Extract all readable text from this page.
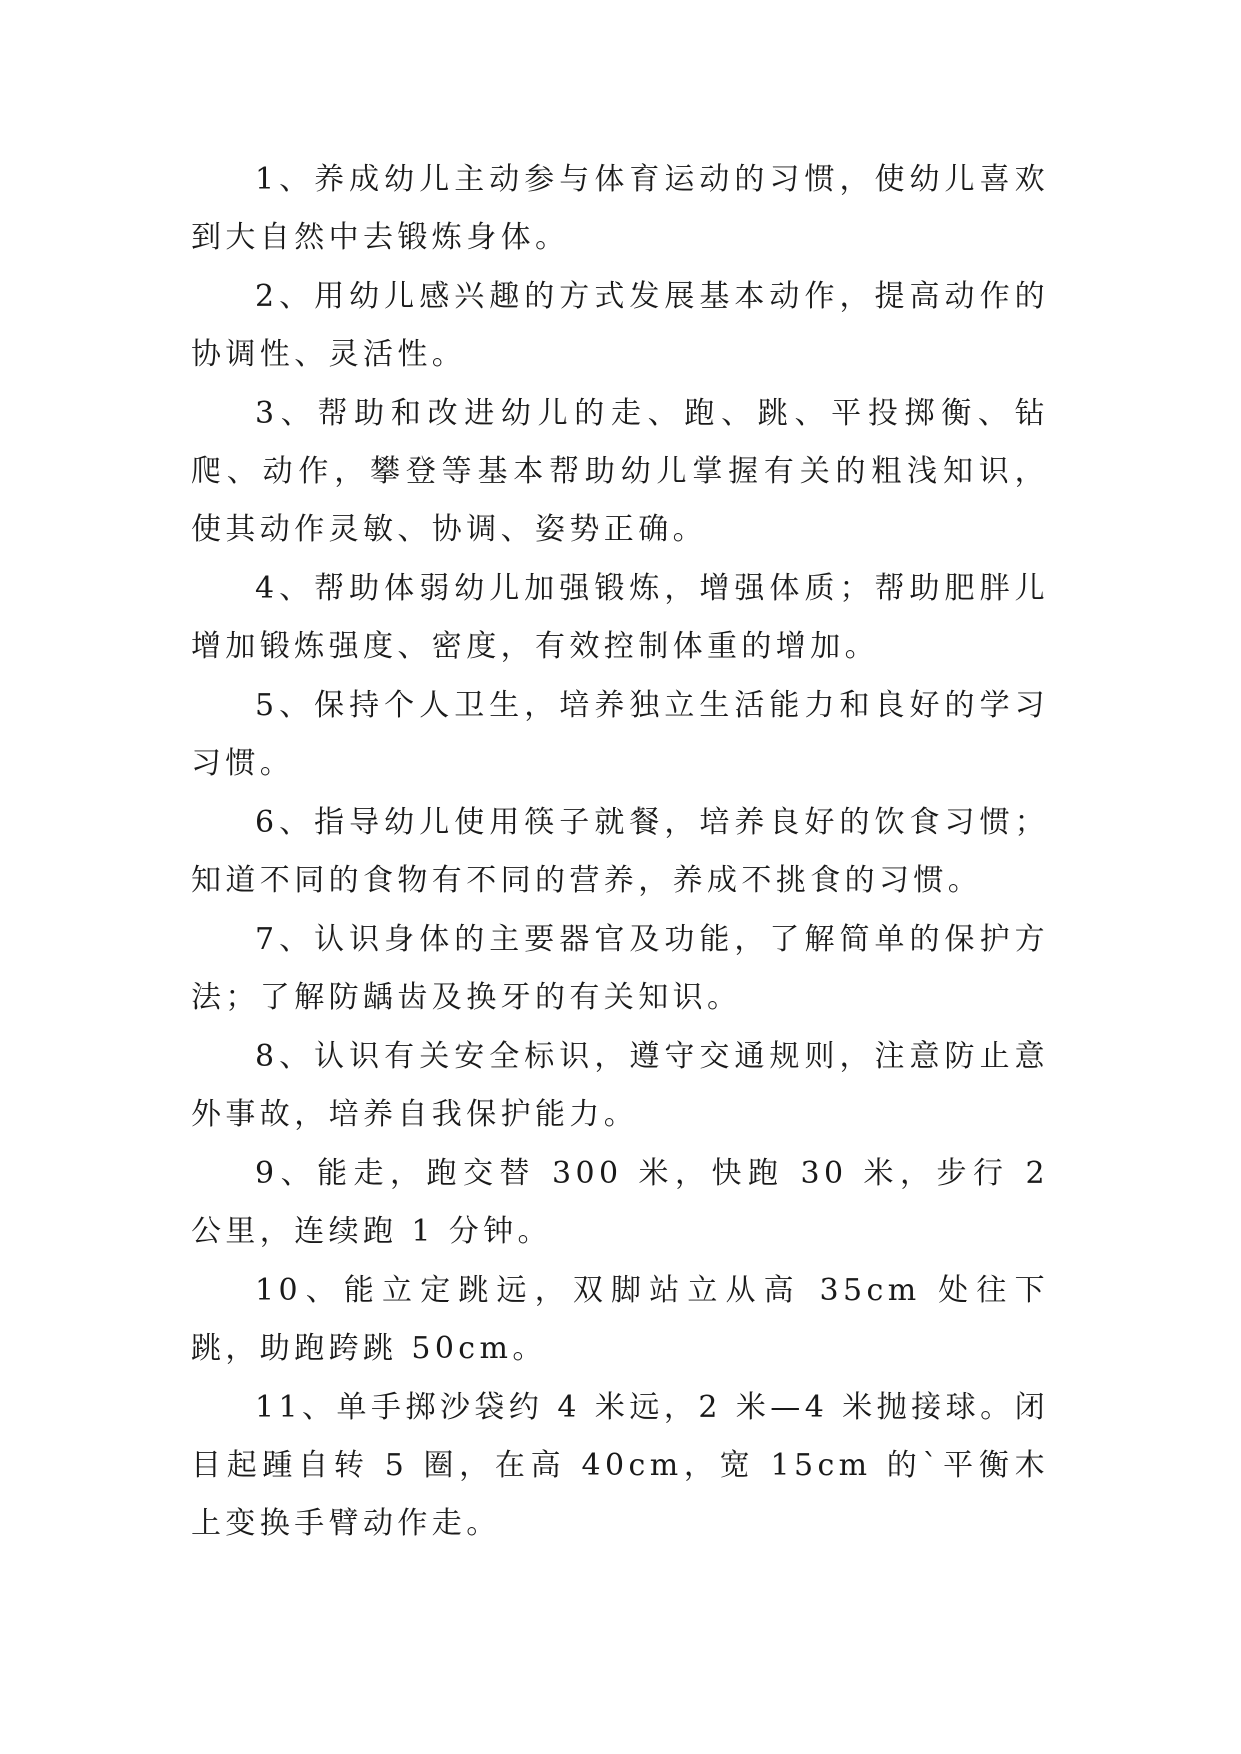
1、养成幼儿主动参与体育运动的习惯，使幼儿喜欢到大自然中去锻炼身体。

2、用幼儿感兴趣的方式发展基本动作，提高动作的协调性、灵活性。

3、帮助和改进幼儿的走、跑、跳、平投掷衡、钻爬、动作，攀登等基本帮助幼儿掌握有关的粗浅知识，使其动作灵敏、协调、姿势正确。

4、帮助体弱幼儿加强锻炼，增强体质；帮助肥胖儿增加锻炼强度、密度，有效控制体重的增加。

5、保持个人卫生，培养独立生活能力和良好的学习习惯。

6、指导幼儿使用筷子就餐，培养良好的饮食习惯；知道不同的食物有不同的营养，养成不挑食的习惯。

7、认识身体的主要器官及功能，了解简单的保护方法；了解防龋齿及换牙的有关知识。

8、认识有关安全标识，遵守交通规则，注意防止意外事故，培养自我保护能力。

9、能走，跑交替 300 米，快跑 30 米，步行 2 公里，连续跑 1 分钟。

10、能立定跳远，双脚站立从高 35cm 处往下跳，助跑跨跳 50cm。

11、单手掷沙袋约 4 米远，2 米—4 米抛接球。闭目起踵自转 5 圈，在高 40cm，宽 15cm 的`平衡木上变换手臂动作走。
